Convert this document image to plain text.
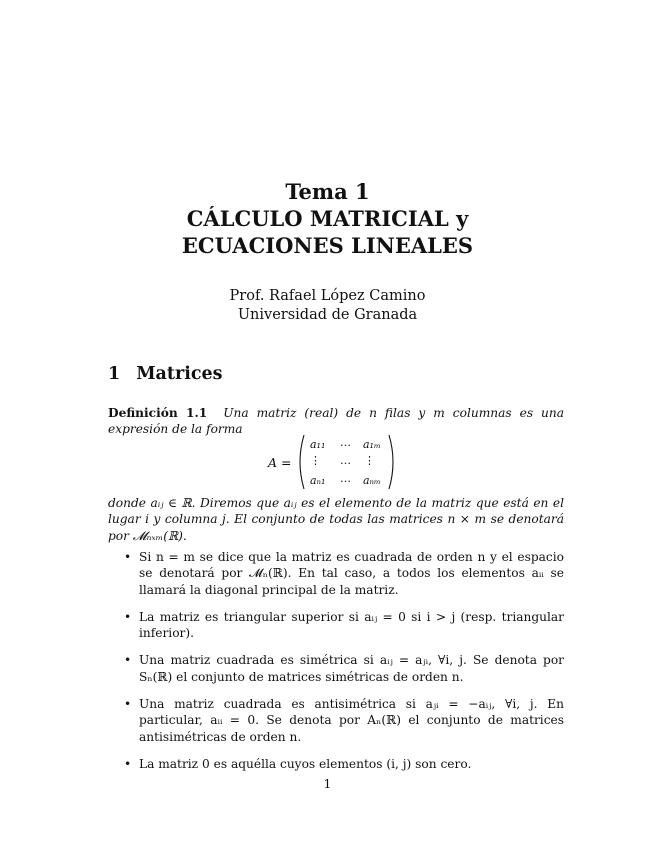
Tema 1
CÁLCULO MATRICIAL y
ECUACIONES LINEALES
Prof. Rafael López Camino
Universidad de Granada
1 Matrices
Definición 1.1 Una matriz (real) de n filas y m columnas es una expresión de la forma
A =
a₁₁ … a₁ₘ
⋮ … ⋮
aₙ₁ … aₙₘ
donde aᵢⱼ ∈ ℝ. Diremos que aᵢⱼ es el elemento de la matriz que está en el lugar i y columna j. El conjunto de todas las matrices n × m se denotará por 𝓜ₙₓₘ(ℝ).
• Si n = m se dice que la matriz es cuadrada de orden n y el espacio se denotará por 𝓜ₙ(ℝ). En tal caso, a todos los elementos aᵢᵢ se llamará la diagonal principal de la matriz.
• La matriz es triangular superior si aᵢⱼ = 0 si i > j (resp. triangular inferior).
• Una matriz cuadrada es simétrica si aᵢⱼ = aⱼᵢ, ∀i, j. Se denota por Sₙ(ℝ) el conjunto de matrices simétricas de orden n.
• Una matriz cuadrada es antisimétrica si aⱼᵢ = −aᵢⱼ, ∀i, j. En particular, aᵢᵢ = 0. Se denota por Aₙ(ℝ) el conjunto de matrices antisimétricas de orden n.
• La matriz 0 es aquélla cuyos elementos (i, j) son cero.
1
